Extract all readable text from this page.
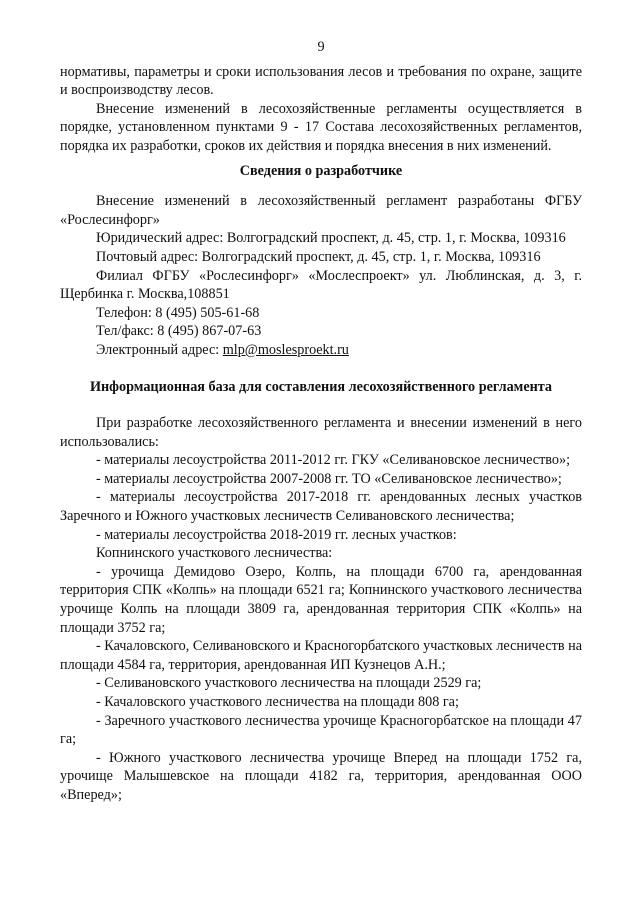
9

нормативы, параметры и сроки использования лесов и требования по охране, защите и воспроизводству лесов.

Внесение изменений в лесохозяйственные регламенты осуществляется в порядке, установленном пунктами 9 - 17 Состава лесохозяйственных регламентов, порядка их разработки, сроков их действия и порядка внесения в них изменений.

Сведения о разработчике

Внесение изменений в лесохозяйственный регламент разработаны ФГБУ «Рослесинфорг»

Юридический адрес: Волгоградский проспект, д. 45, стр. 1, г. Москва, 109316

Почтовый адрес: Волгоградский проспект, д. 45, стр. 1, г. Москва, 109316

Филиал ФГБУ «Рослесинфорг» «Мослеспроект» ул. Люблинская, д. 3, г. Щербинка г. Москва,108851

Телефон: 8 (495) 505-61-68

Тел/факс: 8 (495) 867-07-63

Электронный адрес: mlp@moslesproekt.ru

Информационная база для составления лесохозяйственного регламента

При разработке лесохозяйственного регламента и внесении изменений в него использовались:

- материалы лесоустройства 2011-2012 гг. ГКУ «Селивановское лесничество»;

- материалы лесоустройства 2007-2008 гг. ТО «Селивановское лесничество»;

- материалы лесоустройства 2017-2018 гг. арендованных лесных участков Заречного и Южного участковых лесничеств Селивановского лесничества;

- материалы лесоустройства 2018-2019 гг. лесных участков:

Копнинского участкового лесничества:

- урочища Демидово Озеро, Колпь, на площади 6700 га, арендованная территория СПК «Колпь» на площади 6521 га; Копнинского участкового лесничества урочище Колпь на площади 3809 га, арендованная территория СПК «Колпь» на площади 3752 га;

- Качаловского, Селивановского и Красногорбатского участковых лесничеств на площади 4584 га, территория, арендованная ИП Кузнецов А.Н.;

- Селивановского участкового лесничества на площади 2529 га;

- Качаловского участкового лесничества на площади 808 га;

- Заречного участкового лесничества урочище Красногорбатское на площади 47 га;

- Южного участкового лесничества урочище Вперед на площади 1752 га, урочище Малышевское на площади 4182 га, территория, арендованная ООО «Вперед»;
